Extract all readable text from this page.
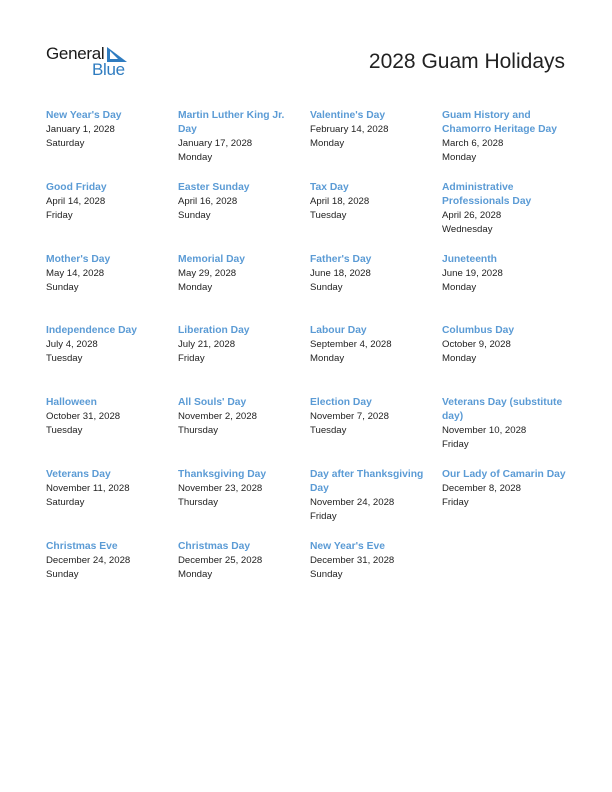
General
Blue	2028 Guam Holidays
New Year's Day
January 1, 2028
Saturday
Martin Luther King Jr. Day
January 17, 2028
Monday
Valentine's Day
February 14, 2028
Monday
Guam History and Chamorro Heritage Day
March 6, 2028
Monday
Good Friday
April 14, 2028
Friday
Easter Sunday
April 16, 2028
Sunday
Tax Day
April 18, 2028
Tuesday
Administrative Professionals Day
April 26, 2028
Wednesday
Mother's Day
May 14, 2028
Sunday
Memorial Day
May 29, 2028
Monday
Father's Day
June 18, 2028
Sunday
Juneteenth
June 19, 2028
Monday
Independence Day
July 4, 2028
Tuesday
Liberation Day
July 21, 2028
Friday
Labour Day
September 4, 2028
Monday
Columbus Day
October 9, 2028
Monday
Halloween
October 31, 2028
Tuesday
All Souls' Day
November 2, 2028
Thursday
Election Day
November 7, 2028
Tuesday
Veterans Day (substitute day)
November 10, 2028
Friday
Veterans Day
November 11, 2028
Saturday
Thanksgiving Day
November 23, 2028
Thursday
Day after Thanksgiving Day
November 24, 2028
Friday
Our Lady of Camarin Day
December 8, 2028
Friday
Christmas Eve
December 24, 2028
Sunday
Christmas Day
December 25, 2028
Monday
New Year's Eve
December 31, 2028
Sunday
